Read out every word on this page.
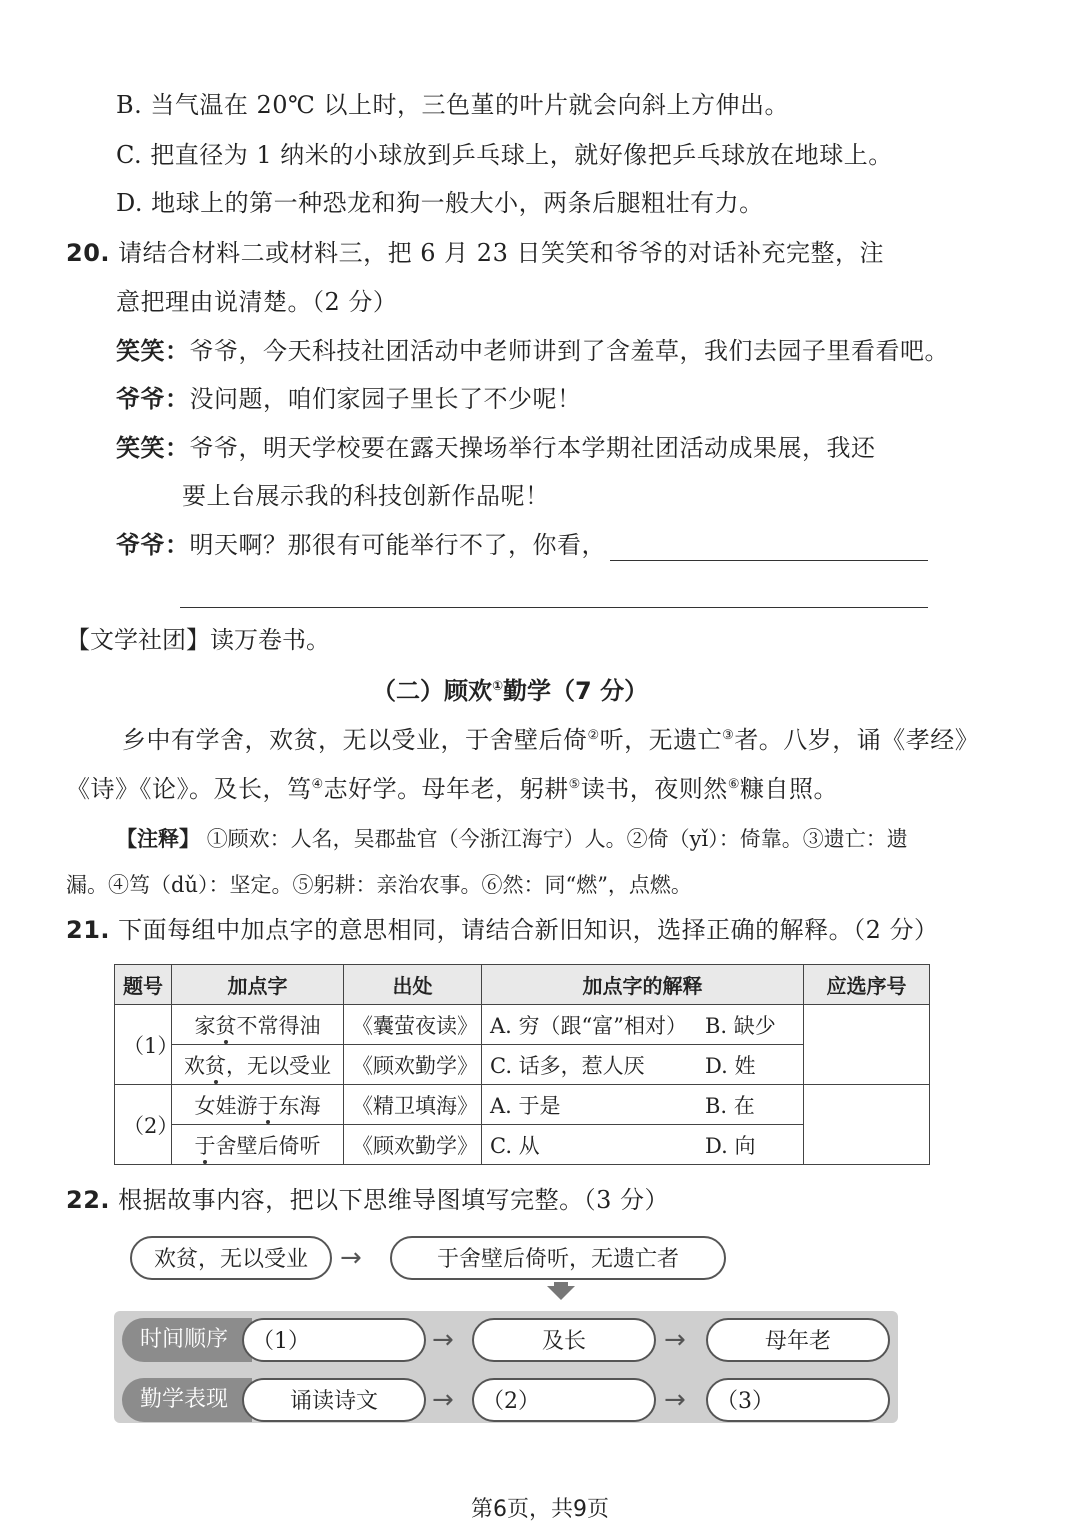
B. 当气温在 20℃ 以上时，三色堇的叶片就会向斜上方伸出。
C. 把直径为 1 纳米的小球放到乒乓球上，就好像把乒乓球放在地球上。
D. 地球上的第一种恐龙和狗一般大小，两条后腿粗壮有力。
20. 请结合材料二或材料三，把 6 月 23 日笑笑和爷爷的对话补充完整，注
意把理由说清楚。（2 分）
笑笑：爷爷，今天科技社团活动中老师讲到了含羞草，我们去园子里看看吧。
爷爷：没问题，咱们家园子里长了不少呢！
笑笑：爷爷，明天学校要在露天操场举行本学期社团活动成果展，我还
要上台展示我的科技创新作品呢！
爷爷：明天啊？那很有可能举行不了，你看，
【文学社团】读万卷书。
（二）顾欢①勤学（7 分）
乡中有学舍，欢贫，无以受业，于舍壁后倚②听，无遗亡③者。八岁，诵《孝经》
《诗》《论》。及长，笃④志好学。母年老，躬耕⑤读书，夜则然⑥糠自照。
【注释】 ①顾欢：人名，吴郡盐官（今浙江海宁）人。②倚（yǐ）：倚靠。③遗亡：遗
漏。④笃（dǔ）：坚定。⑤躬耕：亲治农事。⑥然：同“燃”，点燃。
21. 下面每组中加点字的意思相同，请结合新旧知识，选择正确的解释。（2 分）
题号	加点字	出处	加点字的解释	应选序号
（1）	家贫不常得油	《囊萤夜读》	A. 穷（跟“富”相对） B. 缺少	
	欢贫，无以受业	《顾欢勤学》	C. 话多，惹人厌 D. 姓	
（2）	女娃游于东海	《精卫填海》	A. 于是 B. 在	
	于舍壁后倚听	《顾欢勤学》	C. 从 D. 向	
22. 根据故事内容，把以下思维导图填写完整。（3 分）
欢贫，无以受业	→	于舍壁后倚听，无遗亡者
时间顺序	（1）	→	及长	→	母年老
勤学表现	诵读诗文	→	（2）	→	（3）
第6页，共9页
